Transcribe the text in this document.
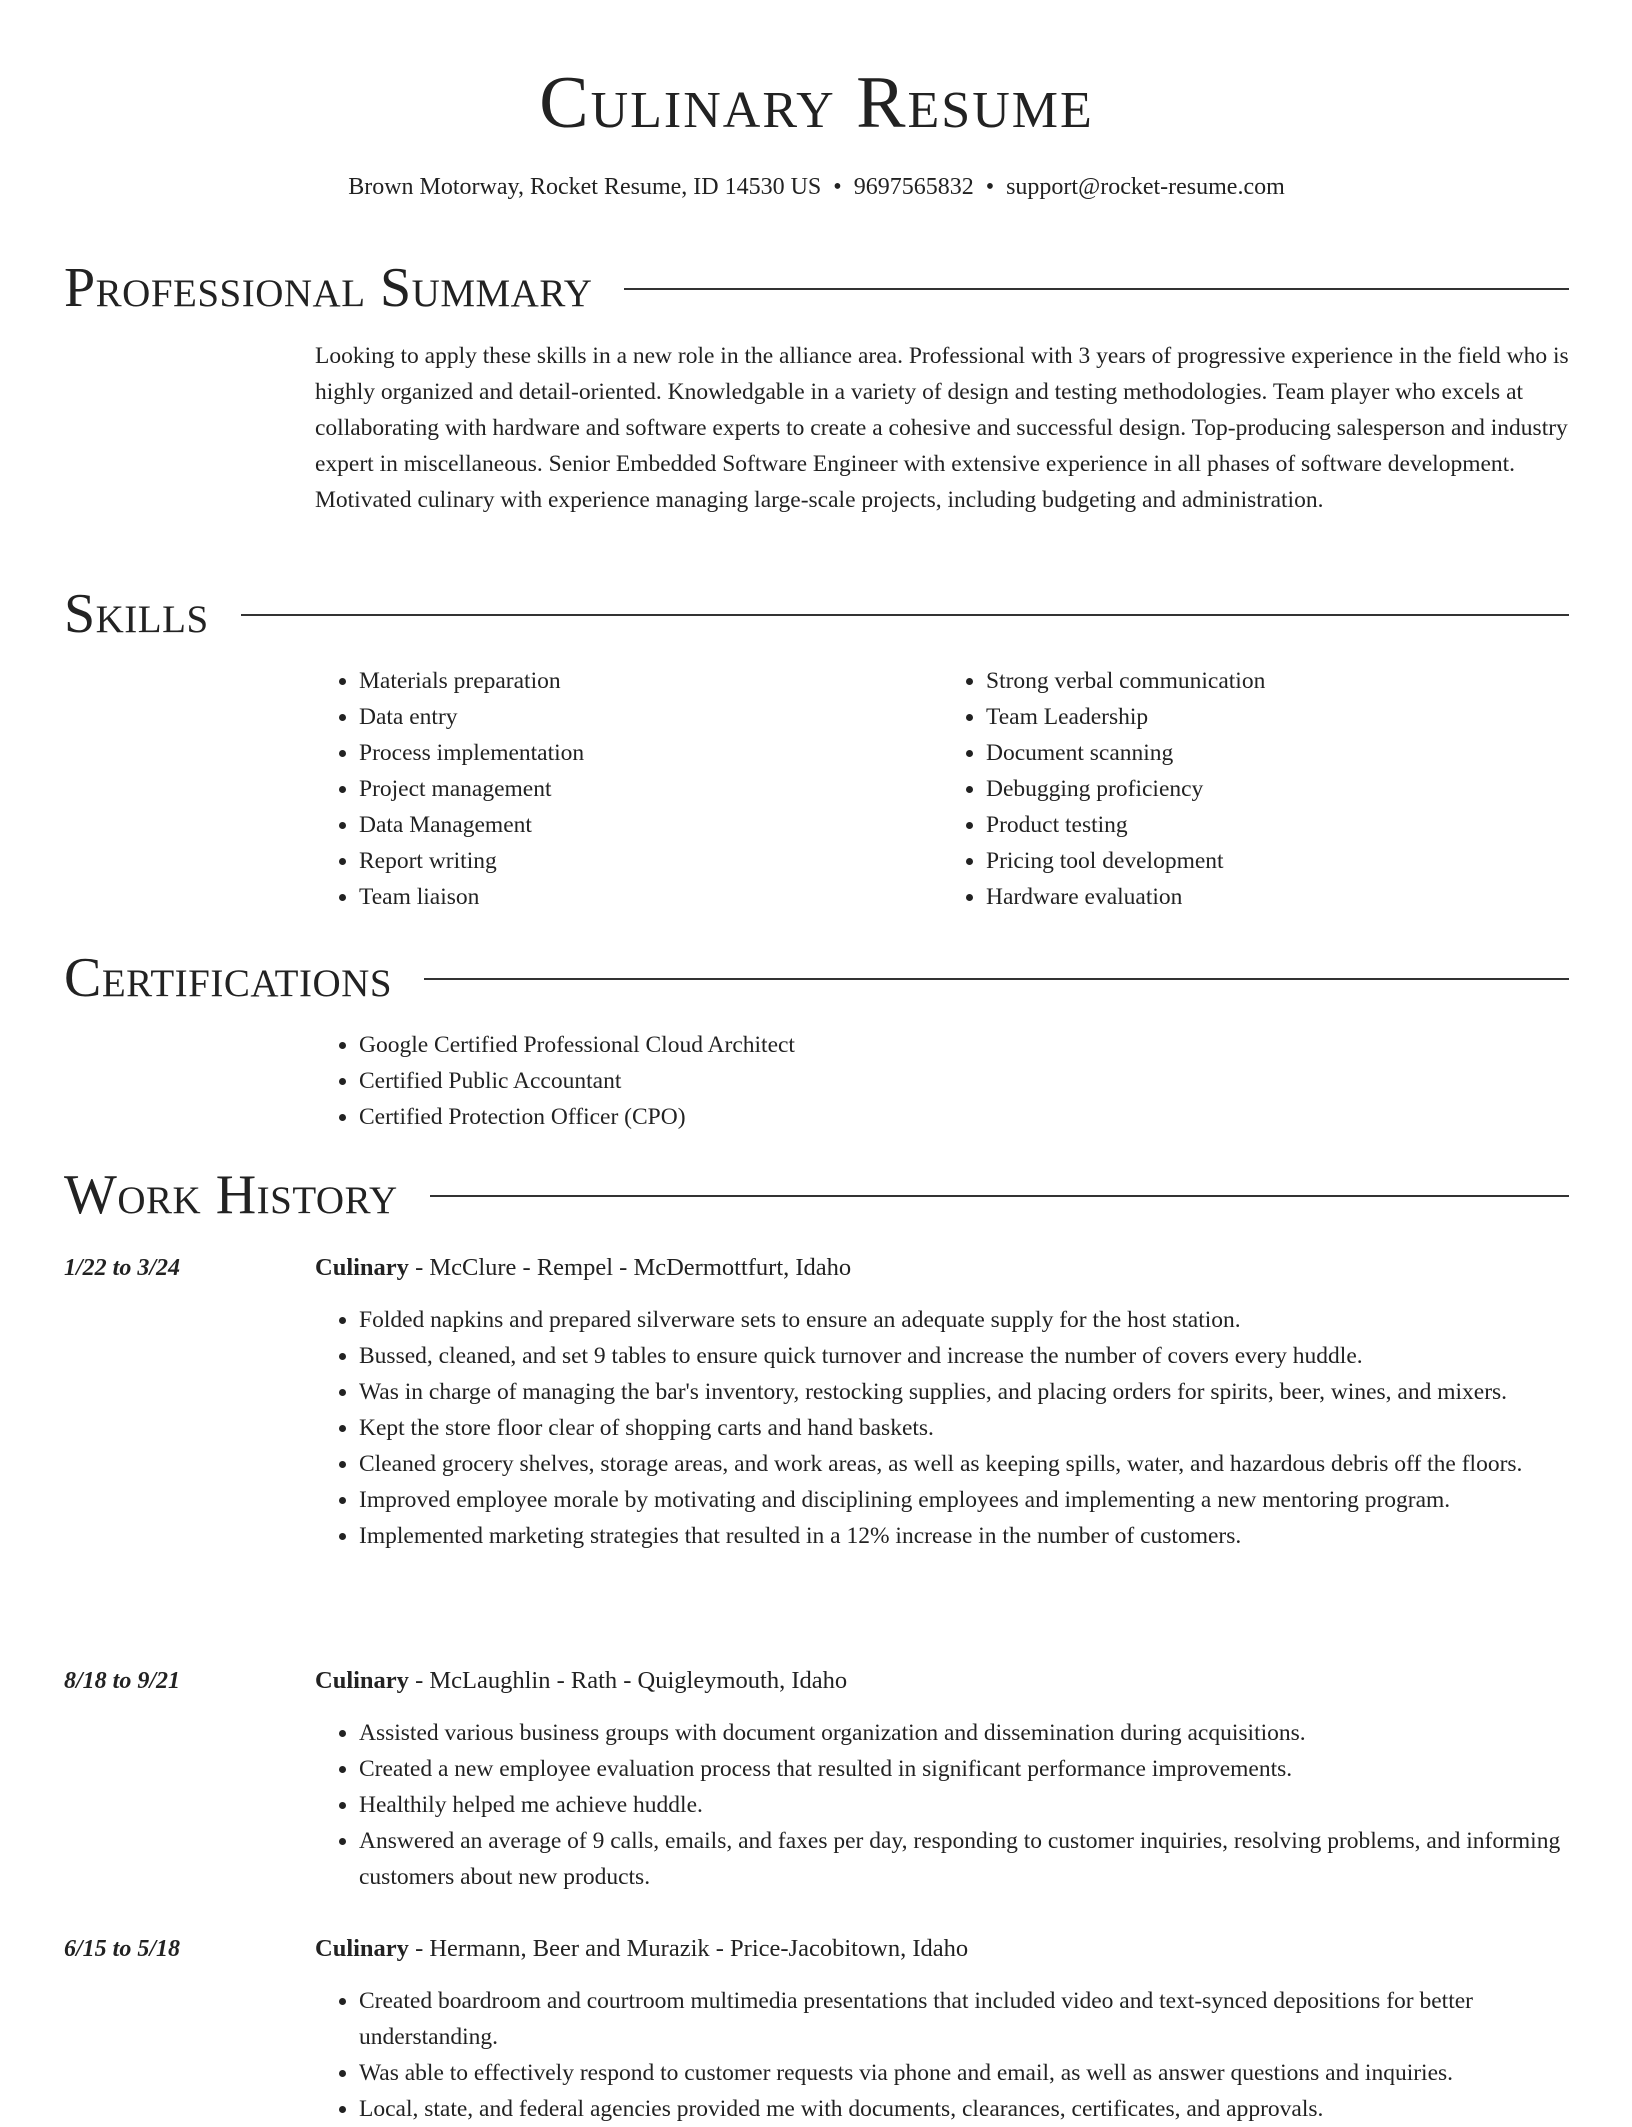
Culinary Resume
Brown Motorway, Rocket Resume, ID 14530 US • 9697565832 • support@rocket-resume.com
Professional Summary

Looking to apply these skills in a new role in the alliance area. Professional with 3 years of progressive experience in the field who is highly organized and detail-oriented. Knowledgable in a variety of design and testing methodologies. Team player who excels at collaborating with hardware and software experts to create a cohesive and successful design. Top-producing salesperson and industry expert in miscellaneous. Senior Embedded Software Engineer with extensive experience in all phases of software development. Motivated culinary with experience managing large-scale projects, including budgeting and administration.

Skills
• Materials preparation
• Data entry
• Process implementation
• Project management
• Data Management
• Report writing
• Team liaison
• Strong verbal communication
• Team Leadership
• Document scanning
• Debugging proficiency
• Product testing
• Pricing tool development
• Hardware evaluation
Certifications
• Google Certified Professional Cloud Architect
• Certified Public Accountant
• Certified Protection Officer (CPO)
Work History
1/22 to 3/24	Culinary - McClure - Rempel - McDermottfurt, Idaho
• Folded napkins and prepared silverware sets to ensure an adequate supply for the host station.
• Bussed, cleaned, and set 9 tables to ensure quick turnover and increase the number of covers every huddle.
• Was in charge of managing the bar's inventory, restocking supplies, and placing orders for spirits, beer, wines, and mixers.
• Kept the store floor clear of shopping carts and hand baskets.
• Cleaned grocery shelves, storage areas, and work areas, as well as keeping spills, water, and hazardous debris off the floors.
• Improved employee morale by motivating and disciplining employees and implementing a new mentoring program.
• Implemented marketing strategies that resulted in a 12% increase in the number of customers.
8/18 to 9/21	Culinary - McLaughlin - Rath - Quigleymouth, Idaho
• Assisted various business groups with document organization and dissemination during acquisitions.
• Created a new employee evaluation process that resulted in significant performance improvements.
• Healthily helped me achieve huddle.
• Answered an average of 9 calls, emails, and faxes per day, responding to customer inquiries, resolving problems, and informing customers about new products.
6/15 to 5/18	Culinary - Hermann, Beer and Murazik - Price-Jacobitown, Idaho
• Created boardroom and courtroom multimedia presentations that included video and text-synced depositions for better understanding.
• Was able to effectively respond to customer requests via phone and email, as well as answer questions and inquiries.
• Local, state, and federal agencies provided me with documents, clearances, certificates, and approvals.
